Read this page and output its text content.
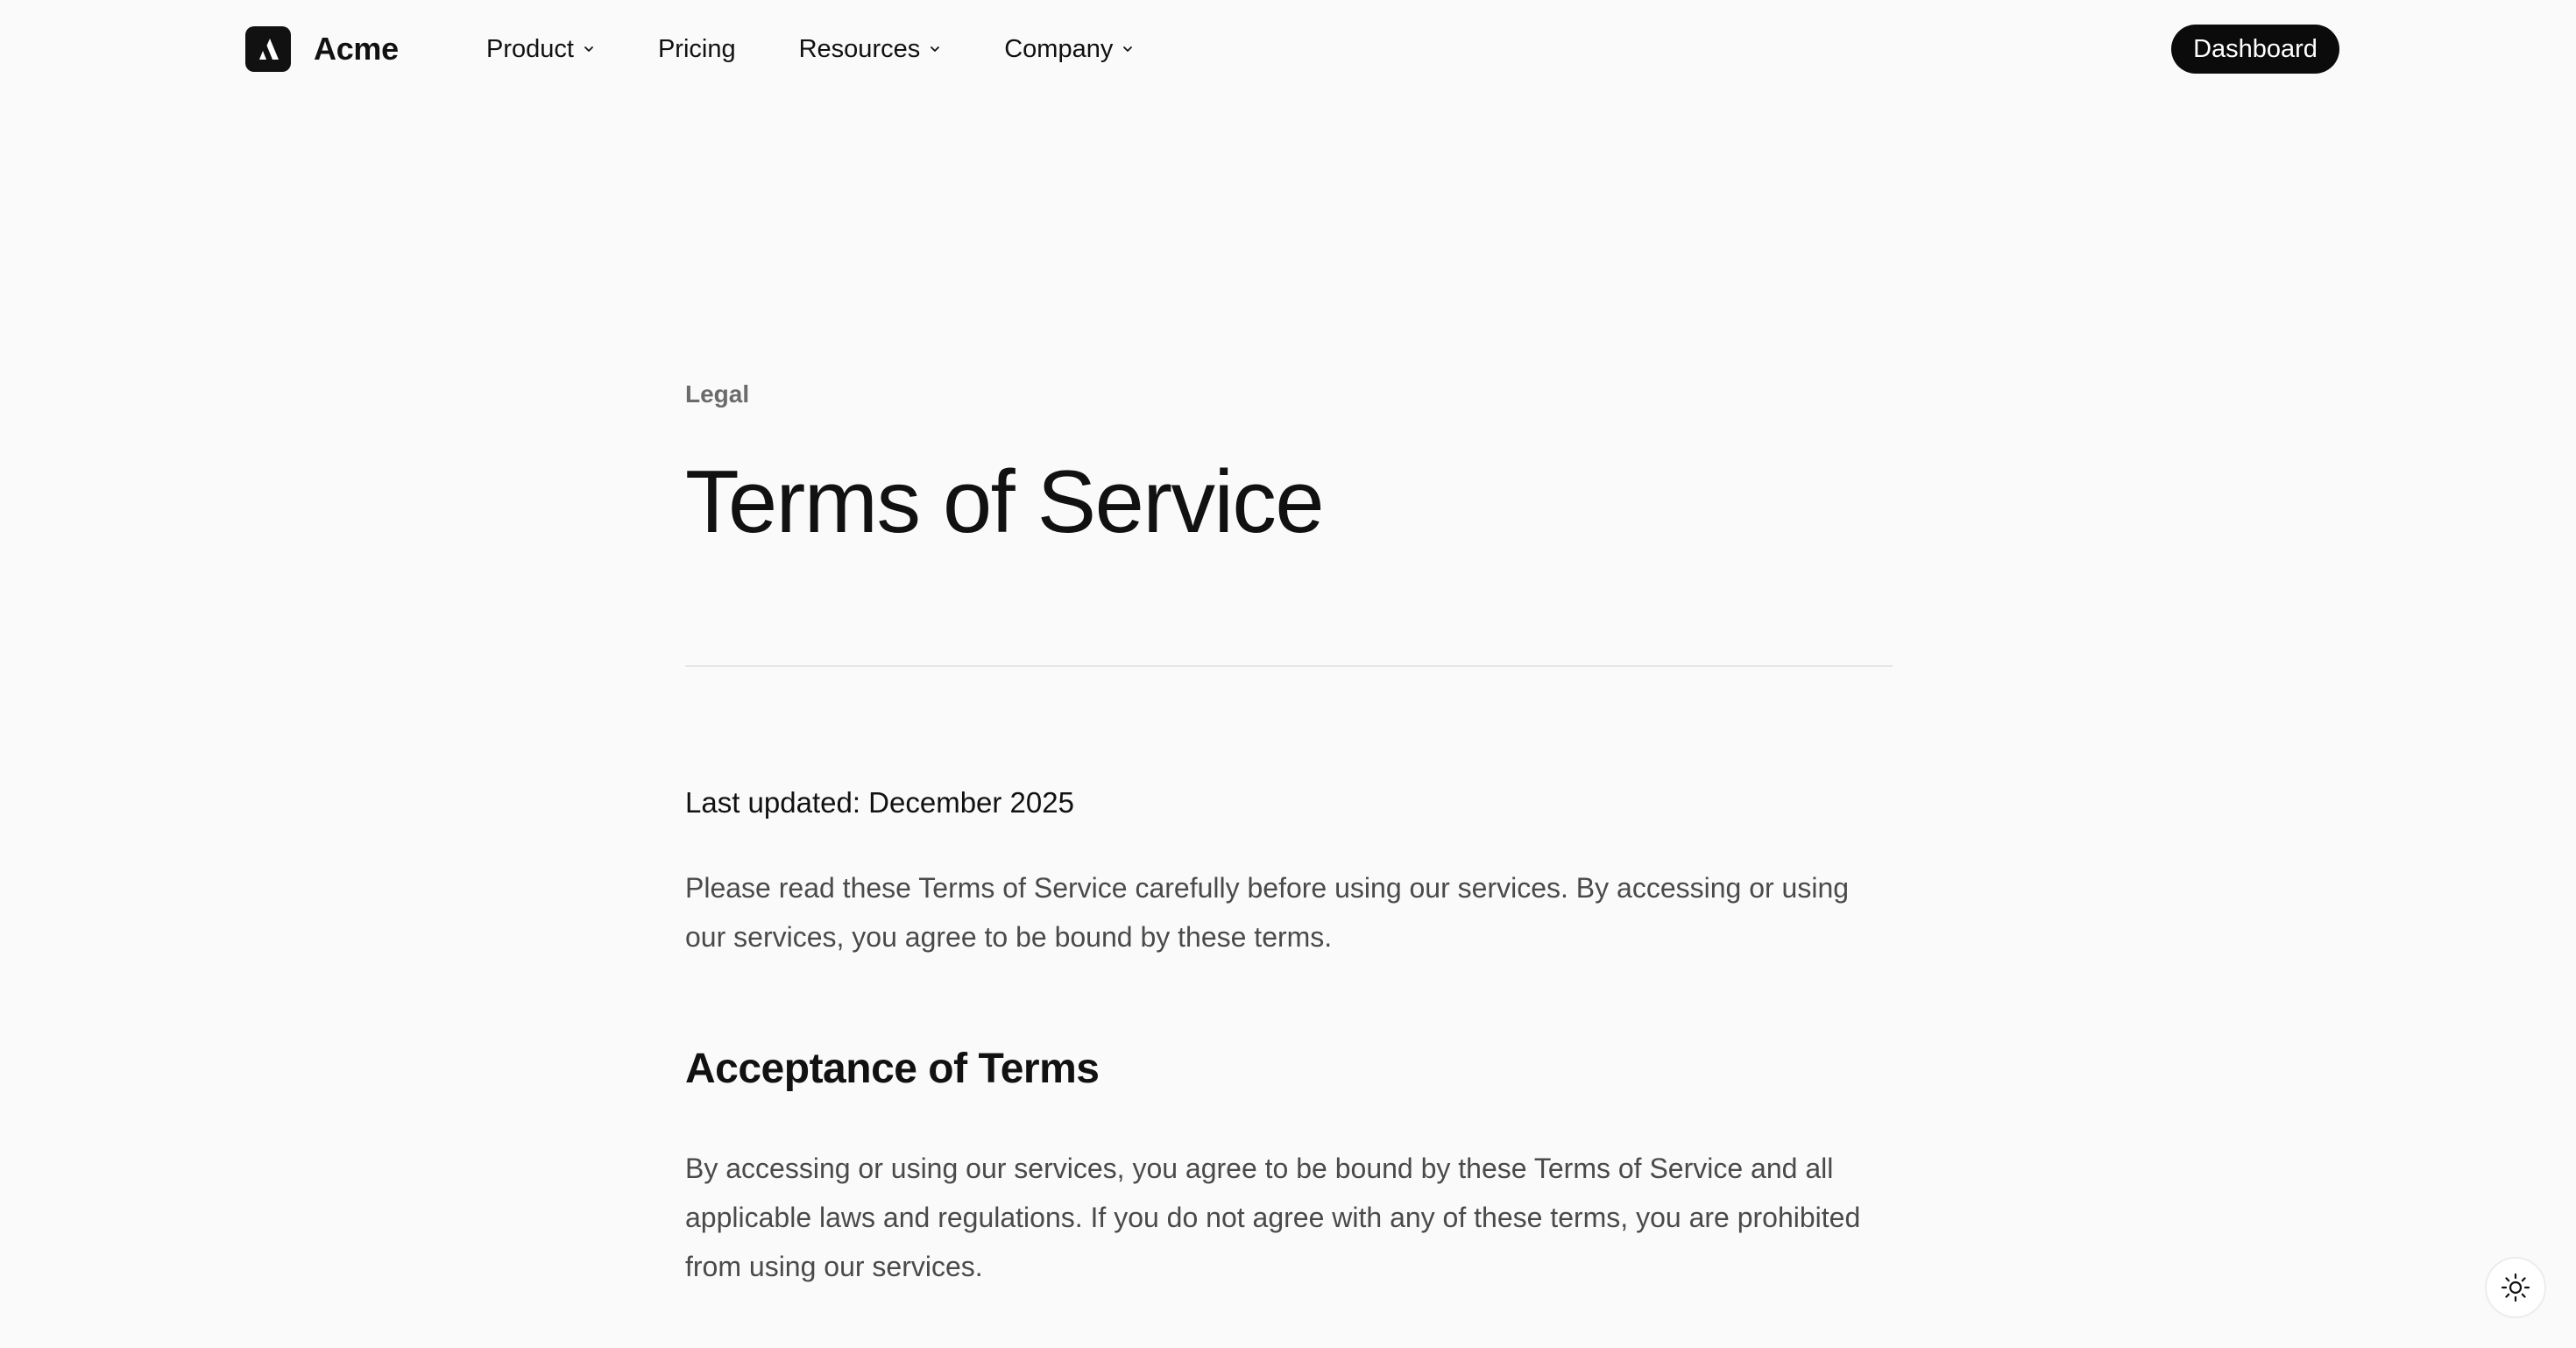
Acme	Product	Pricing Resources	Company	Dashboard
Legal
Terms of Service
Last updated: December 2025

Please read these Terms of Service carefully before using our services. By accessing or using our services, you agree to be bound by these terms.

Acceptance of Terms

By accessing or using our services, you agree to be bound by these Terms of Service and all applicable laws and regulations. If you do not agree with any of these terms, you are prohibited from using our services.
